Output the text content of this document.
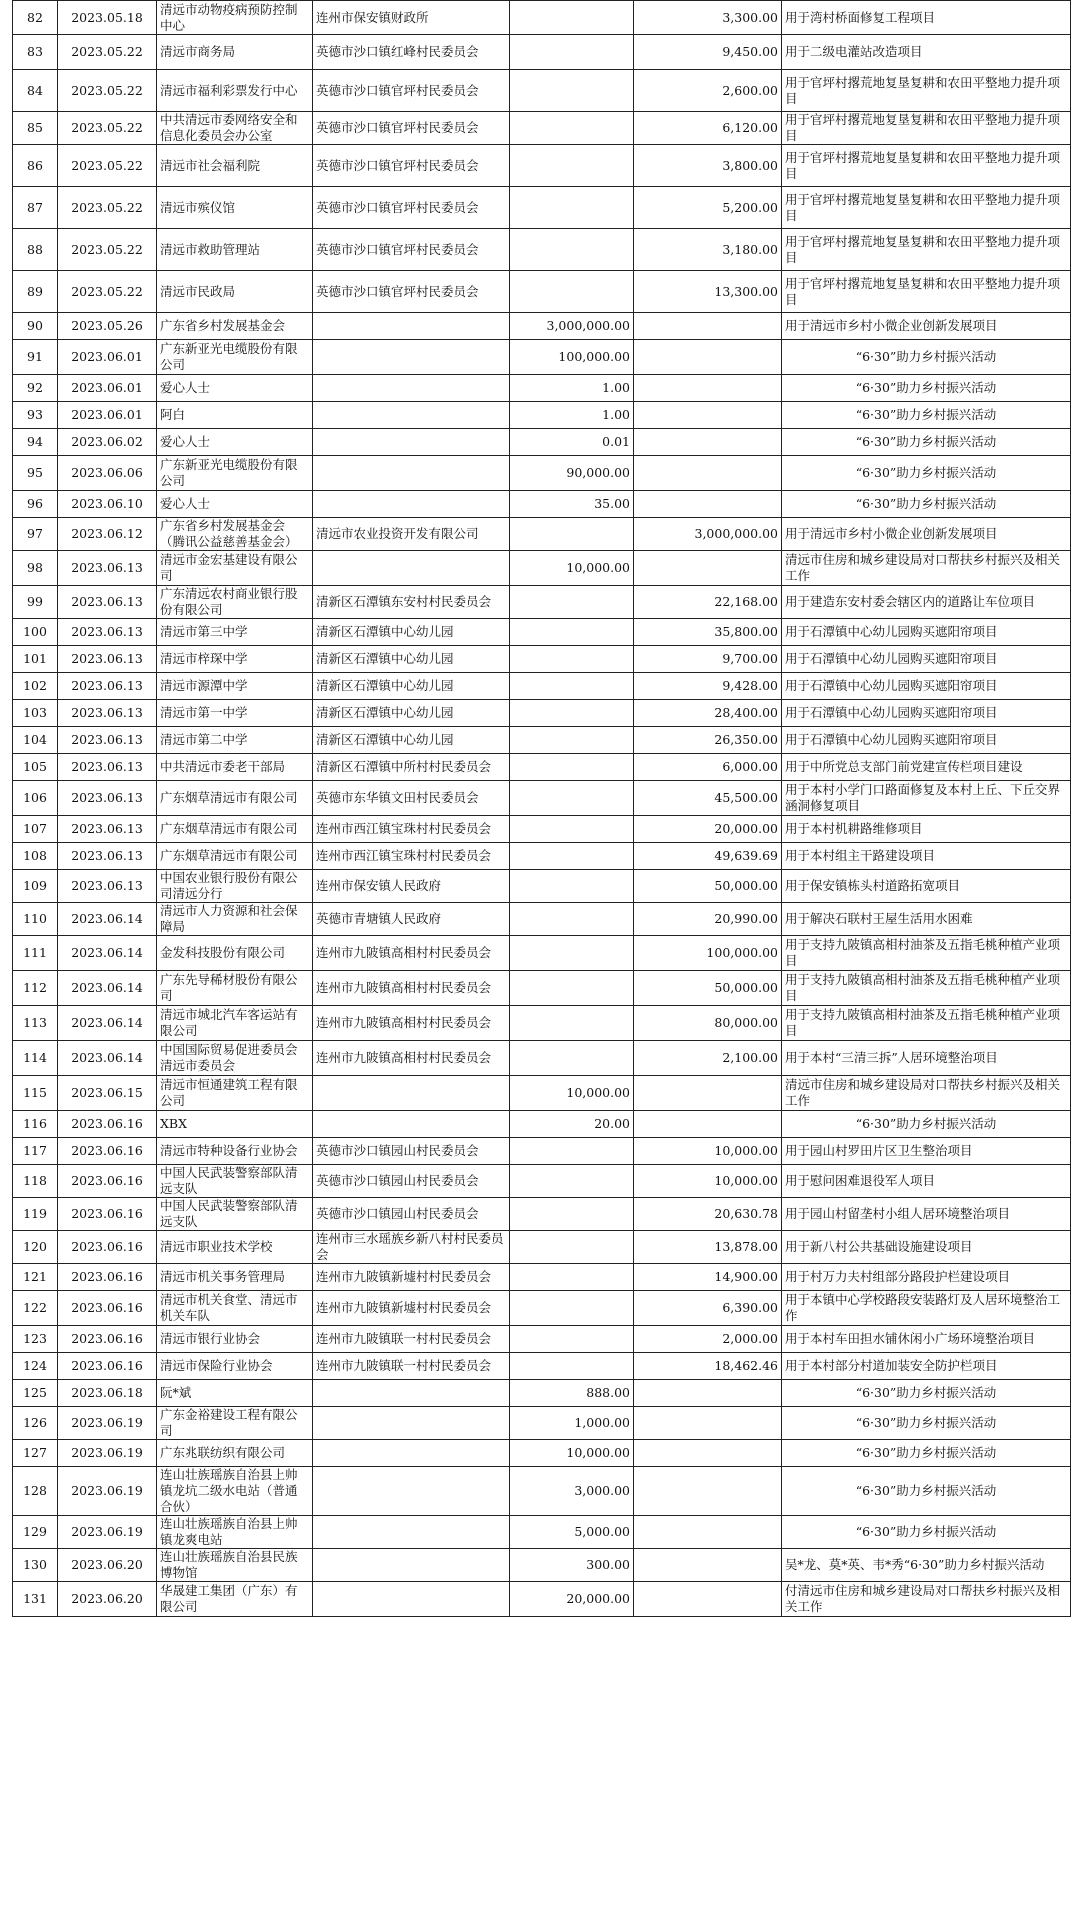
82	2023.05.18	清远市动物疫病预防控制中心	连州市保安镇财政所		3,300.00	用于湾村桥面修复工程项目
83	2023.05.22	清远市商务局	英德市沙口镇红峰村民委员会		9,450.00	用于二级电灌站改造项目
84	2023.05.22	清远市福利彩票发行中心	英德市沙口镇官坪村民委员会		2,600.00	用于官坪村撂荒地复垦复耕和农田平整地力提升项目
85	2023.05.22	中共清远市委网络安全和信息化委员会办公室	英德市沙口镇官坪村民委员会		6,120.00	用于官坪村撂荒地复垦复耕和农田平整地力提升项目
86	2023.05.22	清远市社会福利院	英德市沙口镇官坪村民委员会		3,800.00	用于官坪村撂荒地复垦复耕和农田平整地力提升项目
87	2023.05.22	清远市殡仪馆	英德市沙口镇官坪村民委员会		5,200.00	用于官坪村撂荒地复垦复耕和农田平整地力提升项目
88	2023.05.22	清远市救助管理站	英德市沙口镇官坪村民委员会		3,180.00	用于官坪村撂荒地复垦复耕和农田平整地力提升项目
89	2023.05.22	清远市民政局	英德市沙口镇官坪村民委员会		13,300.00	用于官坪村撂荒地复垦复耕和农田平整地力提升项目
90	2023.05.26	广东省乡村发展基金会		3,000,000.00		用于清远市乡村小微企业创新发展项目
91	2023.06.01	广东新亚光电缆股份有限公司		100,000.00		“6·30”助力乡村振兴活动
92	2023.06.01	爱心人士		1.00		“6·30”助力乡村振兴活动
93	2023.06.01	阿白		1.00		“6·30”助力乡村振兴活动
94	2023.06.02	爱心人士		0.01		“6·30”助力乡村振兴活动
95	2023.06.06	广东新亚光电缆股份有限公司		90,000.00		“6·30”助力乡村振兴活动
96	2023.06.10	爱心人士		35.00		“6·30”助力乡村振兴活动
97	2023.06.12	广东省乡村发展基金会（腾讯公益慈善基金会）	清远市农业投资开发有限公司		3,000,000.00	用于清远市乡村小微企业创新发展项目
98	2023.06.13	清远市金宏基建设有限公司		10,000.00		清远市住房和城乡建设局对口帮扶乡村振兴及相关工作
99	2023.06.13	广东清远农村商业银行股份有限公司	清新区石潭镇东安村村民委员会		22,168.00	用于建造东安村委会辖区内的道路让车位项目
100	2023.06.13	清远市第三中学	清新区石潭镇中心幼儿园		35,800.00	用于石潭镇中心幼儿园购买遮阳帘项目
101	2023.06.13	清远市梓琛中学	清新区石潭镇中心幼儿园		9,700.00	用于石潭镇中心幼儿园购买遮阳帘项目
102	2023.06.13	清远市源潭中学	清新区石潭镇中心幼儿园		9,428.00	用于石潭镇中心幼儿园购买遮阳帘项目
103	2023.06.13	清远市第一中学	清新区石潭镇中心幼儿园		28,400.00	用于石潭镇中心幼儿园购买遮阳帘项目
104	2023.06.13	清远市第二中学	清新区石潭镇中心幼儿园		26,350.00	用于石潭镇中心幼儿园购买遮阳帘项目
105	2023.06.13	中共清远市委老干部局	清新区石潭镇中所村村民委员会		6,000.00	用于中所党总支部门前党建宣传栏项目建设
106	2023.06.13	广东烟草清远市有限公司	英德市东华镇文田村民委员会		45,500.00	用于本村小学门口路面修复及本村上丘、下丘交界涵洞修复项目
107	2023.06.13	广东烟草清远市有限公司	连州市西江镇宝珠村村民委员会		20,000.00	用于本村机耕路维修项目
108	2023.06.13	广东烟草清远市有限公司	连州市西江镇宝珠村村民委员会		49,639.69	用于本村组主干路建设项目
109	2023.06.13	中国农业银行股份有限公司清远分行	连州市保安镇人民政府		50,000.00	用于保安镇栋头村道路拓宽项目
110	2023.06.14	清远市人力资源和社会保障局	英德市青塘镇人民政府		20,990.00	用于解决石联村王屋生活用水困难
111	2023.06.14	金发科技股份有限公司	连州市九陂镇高相村村民委员会		100,000.00	用于支持九陂镇高相村油茶及五指毛桃种植产业项目
112	2023.06.14	广东先导稀材股份有限公司	连州市九陂镇高相村村民委员会		50,000.00	用于支持九陂镇高相村油茶及五指毛桃种植产业项目
113	2023.06.14	清远市城北汽车客运站有限公司	连州市九陂镇高相村村民委员会		80,000.00	用于支持九陂镇高相村油茶及五指毛桃种植产业项目
114	2023.06.14	中国国际贸易促进委员会清远市委员会	连州市九陂镇高相村村民委员会		2,100.00	用于本村“三清三拆”人居环境整治项目
115	2023.06.15	清远市恒通建筑工程有限公司		10,000.00		清远市住房和城乡建设局对口帮扶乡村振兴及相关工作
116	2023.06.16	XBX		20.00		“6·30”助力乡村振兴活动
117	2023.06.16	清远市特种设备行业协会	英德市沙口镇园山村民委员会		10,000.00	用于园山村罗田片区卫生整治项目
118	2023.06.16	中国人民武装警察部队清远支队	英德市沙口镇园山村民委员会		10,000.00	用于慰问困难退役军人项目
119	2023.06.16	中国人民武装警察部队清远支队	英德市沙口镇园山村民委员会		20,630.78	用于园山村留垄村小组人居环境整治项目
120	2023.06.16	清远市职业技术学校	连州市三水瑶族乡新八村村民委员会		13,878.00	用于新八村公共基础设施建设项目
121	2023.06.16	清远市机关事务管理局	连州市九陂镇新墟村村民委员会		14,900.00	用于村万力夫村组部分路段护栏建设项目
122	2023.06.16	清远市机关食堂、清远市机关车队	连州市九陂镇新墟村村民委员会		6,390.00	用于本镇中心学校路段安装路灯及人居环境整治工作
123	2023.06.16	清远市银行业协会	连州市九陂镇联一村村民委员会		2,000.00	用于本村车田担水铺休闲小广场环境整治项目
124	2023.06.16	清远市保险行业协会	连州市九陂镇联一村村民委员会		18,462.46	用于本村部分村道加装安全防护栏项目
125	2023.06.18	阮*斌		888.00		“6·30”助力乡村振兴活动
126	2023.06.19	广东金裕建设工程有限公司		1,000.00		“6·30”助力乡村振兴活动
127	2023.06.19	广东兆联纺织有限公司		10,000.00		“6·30”助力乡村振兴活动
128	2023.06.19	连山壮族瑶族自治县上帅镇龙坑二级水电站（普通合伙）		3,000.00		“6·30”助力乡村振兴活动
129	2023.06.19	连山壮族瑶族自治县上帅镇龙爽电站		5,000.00		“6·30”助力乡村振兴活动
130	2023.06.20	连山壮族瑶族自治县民族博物馆		300.00		吴*龙、莫*英、韦*秀“6·30”助力乡村振兴活动
131	2023.06.20	华晟建工集团（广东）有限公司		20,000.00		付清远市住房和城乡建设局对口帮扶乡村振兴及相关工作
